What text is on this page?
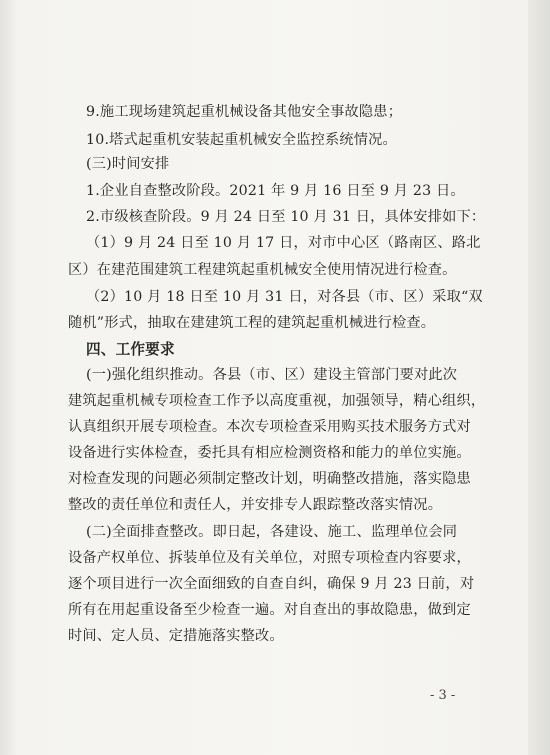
9.施工现场建筑起重机械设备其他安全事故隐患；
10.塔式起重机安装起重机械安全监控系统情况。
(三)时间安排
1.企业自查整改阶段。2021 年 9 月 16 日至 9 月 23 日。
2.市级核查阶段。9 月 24 日至 10 月 31 日，具体安排如下：
（1）9 月 24 日至 10 月 17 日，对市中心区（路南区、路北
区）在建范围建筑工程建筑起重机械安全使用情况进行检查。
（2）10 月 18 日至 10 月 31 日，对各县（市、区）采取“双
随机”形式，抽取在建建筑工程的建筑起重机械进行检查。
四、工作要求
(一)强化组织推动。各县（市、区）建设主管部门要对此次
建筑起重机械专项检查工作予以高度重视，加强领导，精心组织，
认真组织开展专项检查。本次专项检查采用购买技术服务方式对
设备进行实体检查，委托具有相应检测资格和能力的单位实施。
对检查发现的问题必须制定整改计划，明确整改措施，落实隐患
整改的责任单位和责任人，并安排专人跟踪整改落实情况。
(二)全面排查整改。即日起，各建设、施工、监理单位会同
设备产权单位、拆装单位及有关单位，对照专项检查内容要求，
逐个项目进行一次全面细致的自查自纠，确保 9 月 23 日前，对
所有在用起重设备至少检查一遍。对自查出的事故隐患，做到定
时间、定人员、定措施落实整改。
- 3 -
